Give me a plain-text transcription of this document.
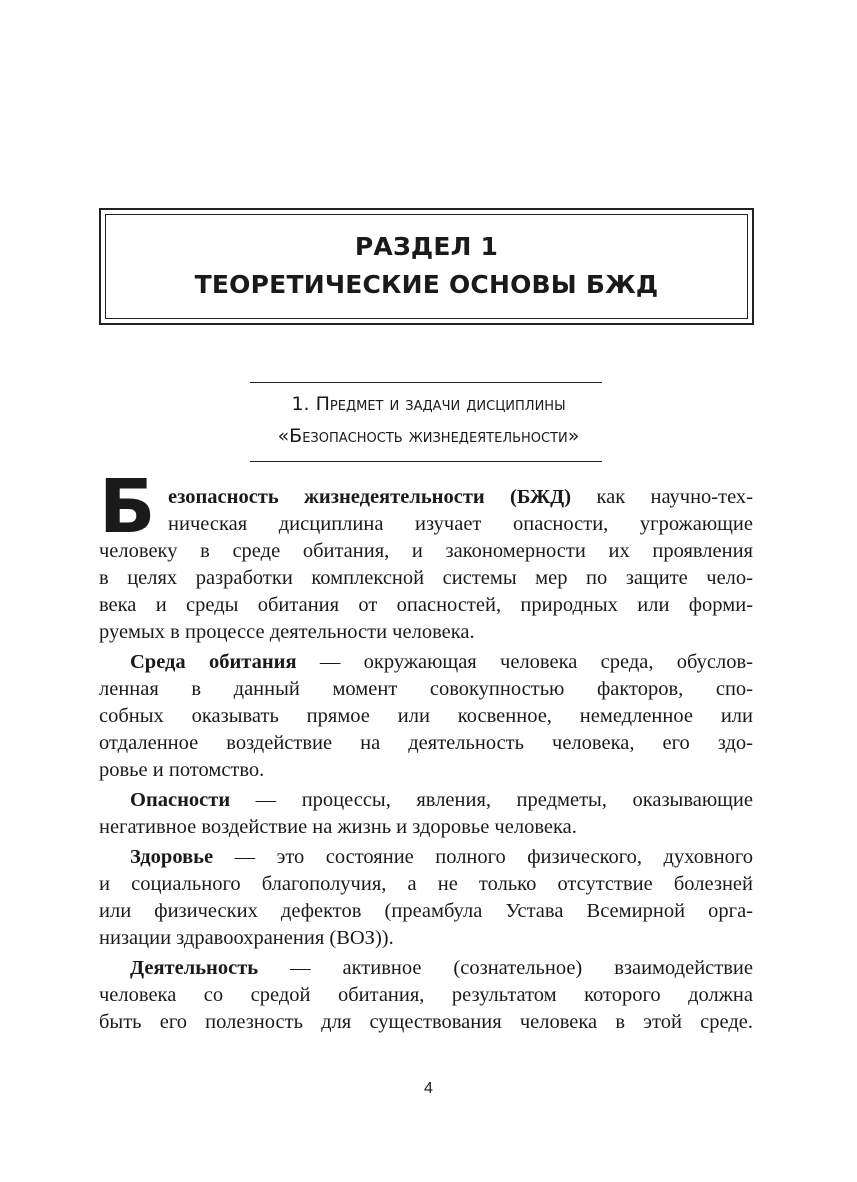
РАЗДЕЛ 1
ТЕОРЕТИЧЕСКИЕ ОСНОВЫ БЖД
1. Предмет и задачи дисциплины
«Безопасность жизнедеятельности»
Б езопасность жизнедеятельности (БЖД) как научно-тех-
ническая дисциплина изучает опасности, угрожающие
человеку в среде обитания, и закономерности их проявления
в целях разработки комплексной системы мер по защите чело-
века и среды обитания от опасностей, природных или форми-
руемых в процессе деятельности человека.
Среда обитания — окружающая человека среда, обуслов-
ленная в данный момент совокупностью факторов, спо-
собных оказывать прямое или косвенное, немедленное или
отдаленное воздействие на деятельность человека, его здо-
ровье и потомство.
Опасности — процессы, явления, предметы, оказывающие
негативное воздействие на жизнь и здоровье человека.
Здоровье — это состояние полного физического, духовного
и социального благополучия, а не только отсутствие болезней
или физических дефектов (преамбула Устава Всемирной орга-
низации здравоохранения (ВОЗ)).
Деятельность — активное (сознательное) взаимодействие
человека со средой обитания, результатом которого должна
быть его полезность для существования человека в этой среде.
4
